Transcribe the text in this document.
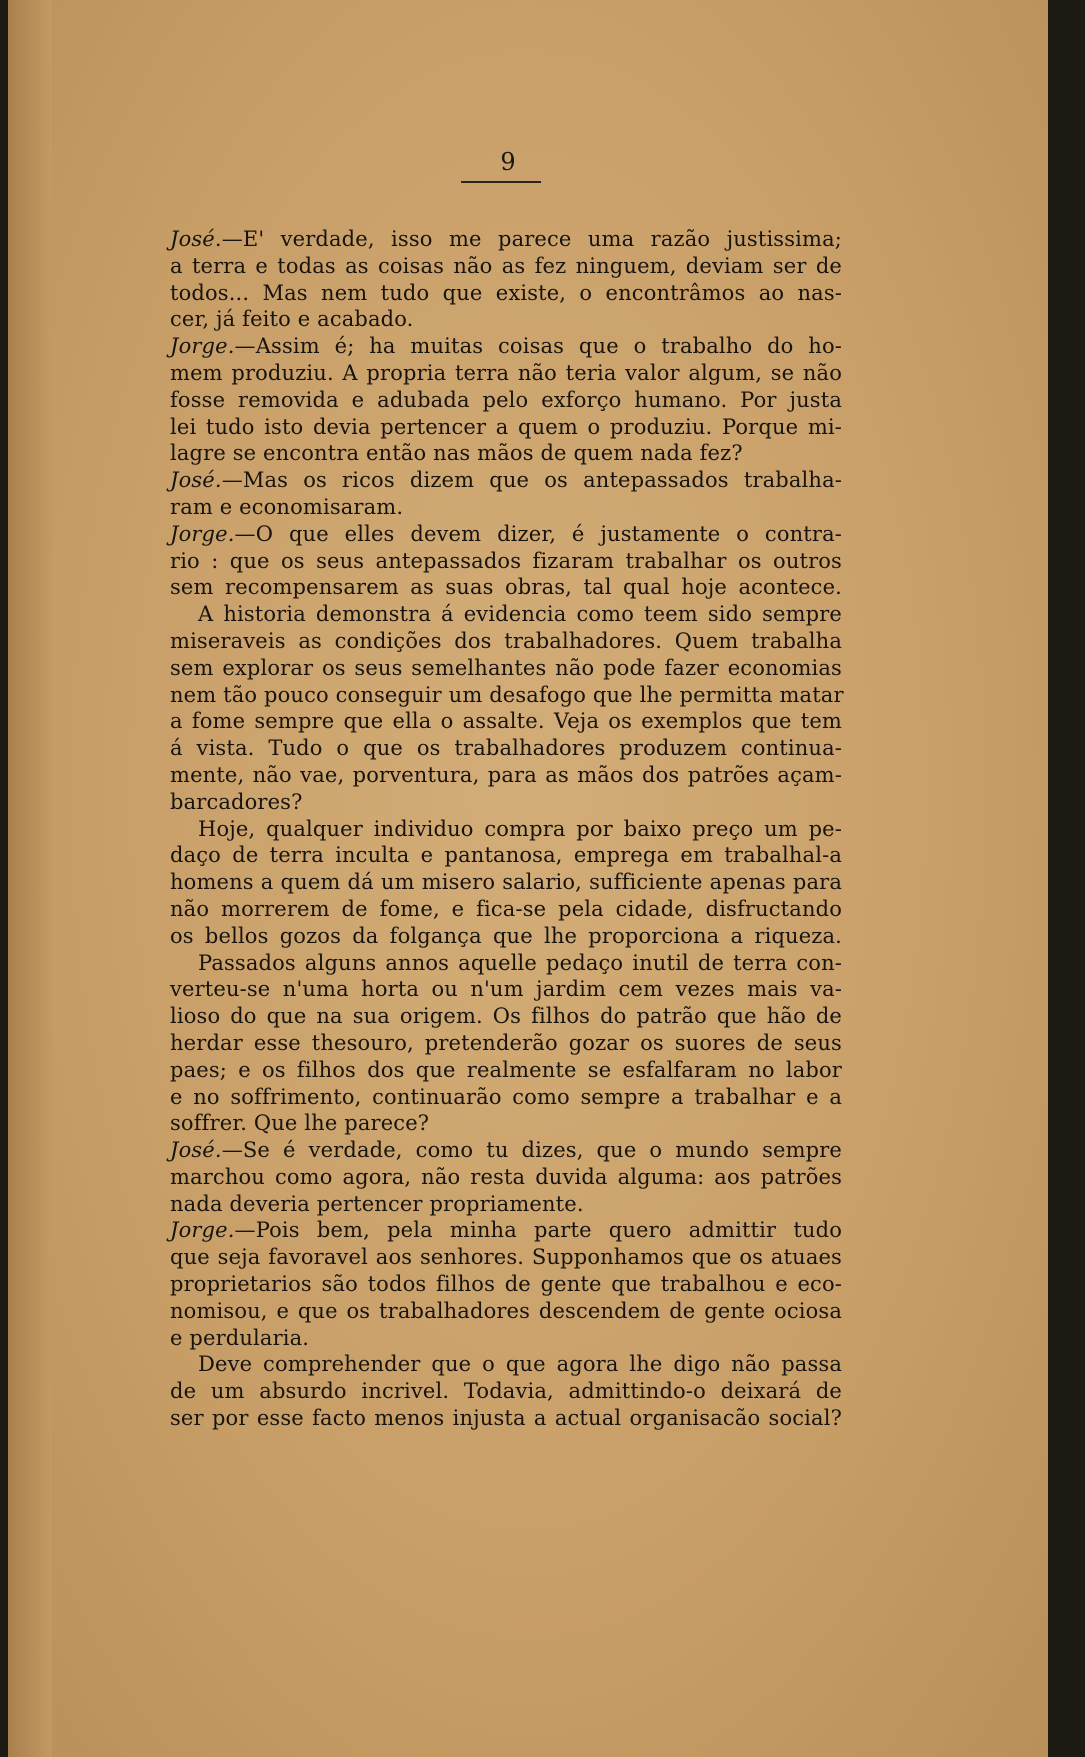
9
José.—E' verdade, isso me parece uma razão justissima;
a terra e todas as coisas não as fez ninguem, deviam ser de
todos... Mas nem tudo que existe, o encontrâmos ao nas-
cer, já feito e acabado.
Jorge.—Assim é; ha muitas coisas que o trabalho do ho-
mem produziu. A propria terra não teria valor algum, se não
fosse removida e adubada pelo exforço humano. Por justa
lei tudo isto devia pertencer a quem o produziu. Porque mi-
lagre se encontra então nas mãos de quem nada fez?
José.—Mas os ricos dizem que os antepassados trabalha-
ram e economisaram.
Jorge.—O que elles devem dizer, é justamente o contra-
rio : que os seus antepassados fizaram trabalhar os outros
sem recompensarem as suas obras, tal qual hoje acontece.
A historia demonstra á evidencia como teem sido sempre
miseraveis as condições dos trabalhadores. Quem trabalha
sem explorar os seus semelhantes não pode fazer economias
nem tão pouco conseguir um desafogo que lhe permitta matar
a fome sempre que ella o assalte. Veja os exemplos que tem
á vista. Tudo o que os trabalhadores produzem continua-
mente, não vae, porventura, para as mãos dos patrões açam-
barcadores?
Hoje, qualquer individuo compra por baixo preço um pe-
daço de terra inculta e pantanosa, emprega em trabalhal-a
homens a quem dá um misero salario, sufficiente apenas para
não morrerem de fome, e fica-se pela cidade, disfructando
os bellos gozos da folgança que lhe proporciona a riqueza.
Passados alguns annos aquelle pedaço inutil de terra con-
verteu-se n'uma horta ou n'um jardim cem vezes mais va-
lioso do que na sua origem. Os filhos do patrão que hão de
herdar esse thesouro, pretenderão gozar os suores de seus
paes; e os filhos dos que realmente se esfalfaram no labor
e no soffrimento, continuarão como sempre a trabalhar e a
soffrer. Que lhe parece?
José.—Se é verdade, como tu dizes, que o mundo sempre
marchou como agora, não resta duvida alguma: aos patrões
nada deveria pertencer propriamente.
Jorge.—Pois bem, pela minha parte quero admittir tudo
que seja favoravel aos senhores. Supponhamos que os atuaes
proprietarios são todos filhos de gente que trabalhou e eco-
nomisou, e que os trabalhadores descendem de gente ociosa
e perdularia.
Deve comprehender que o que agora lhe digo não passa
de um absurdo incrivel. Todavia, admittindo-o deixará de
ser por esse facto menos injusta a actual organisacão social?
